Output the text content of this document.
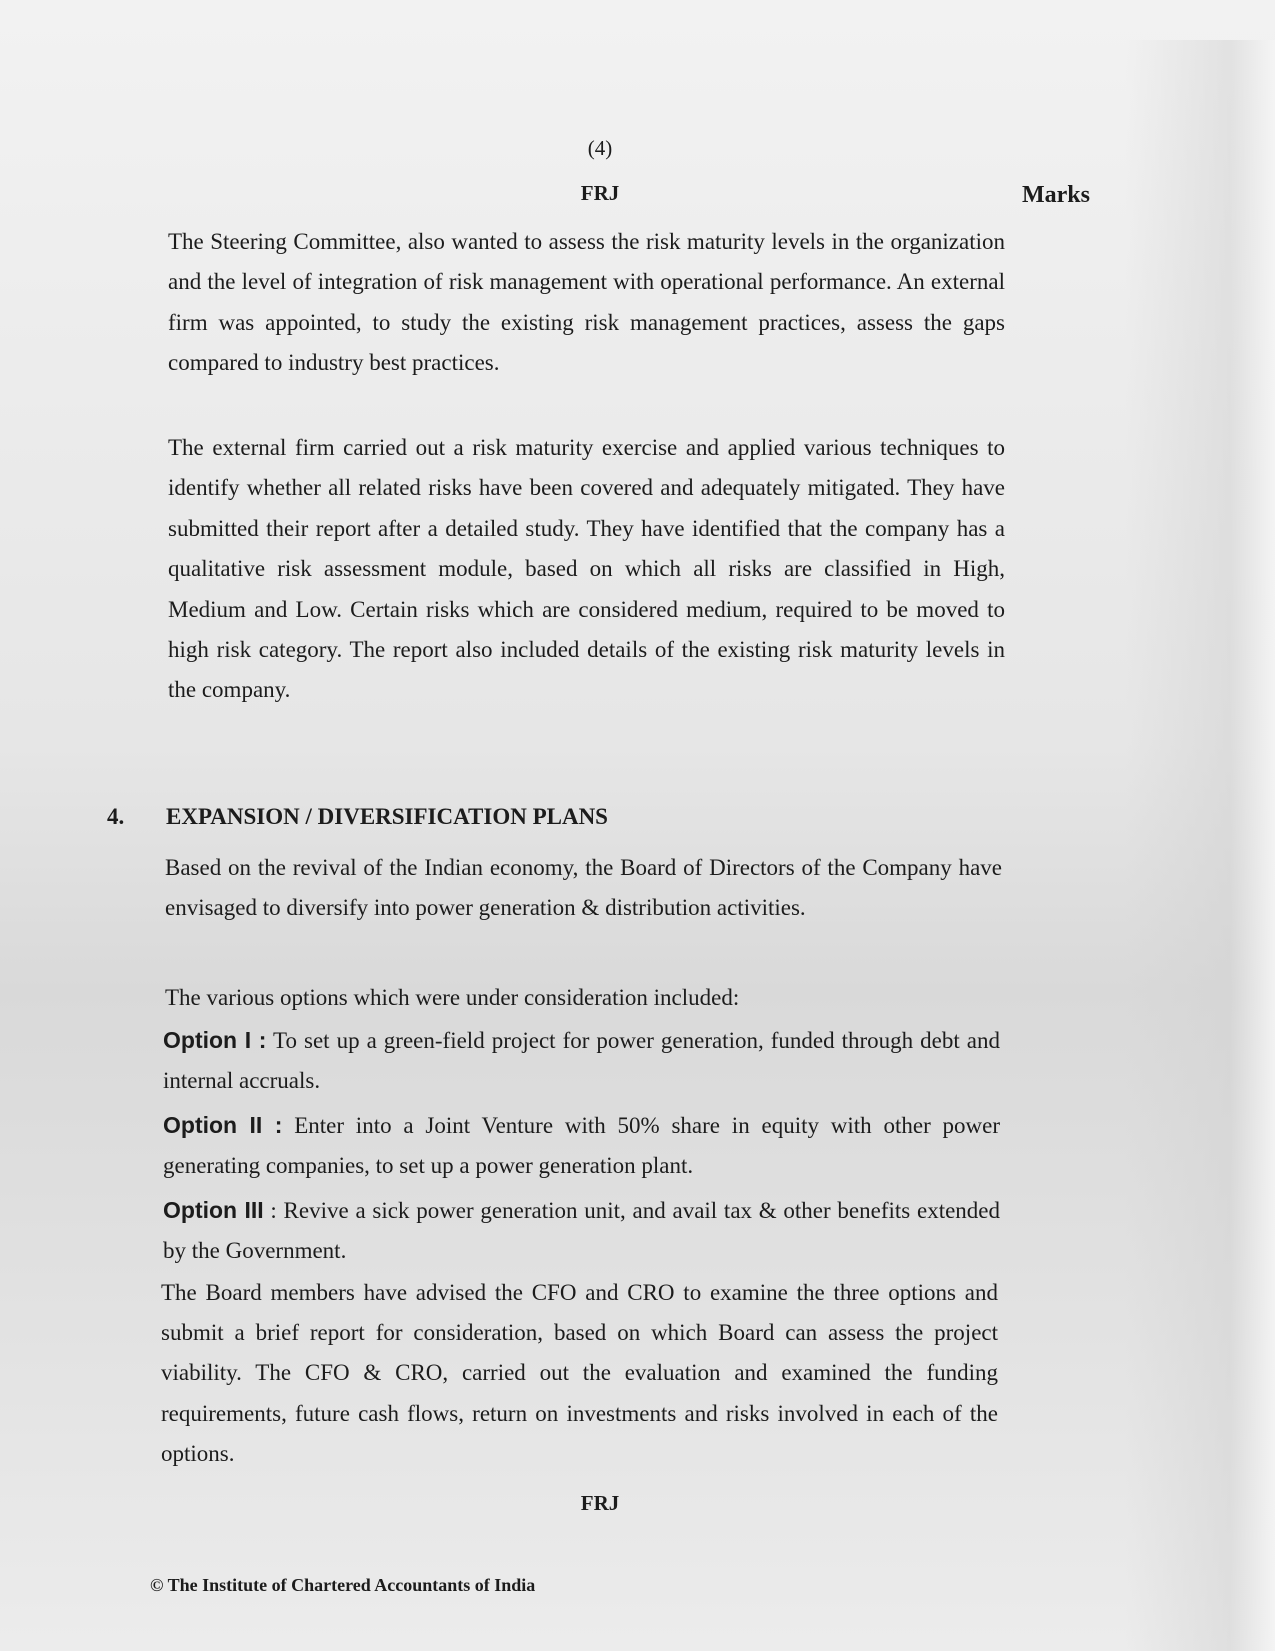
(4)
FRJ	Marks

The Steering Committee, also wanted to assess the risk maturity levels in the organization and the level of integration of risk management with operational performance. An external firm was appointed, to study the existing risk management practices, assess the gaps compared to industry best practices.

The external firm carried out a risk maturity exercise and applied various techniques to identify whether all related risks have been covered and adequately mitigated. They have submitted their report after a detailed study. They have identified that the company has a qualitative risk assessment module, based on which all risks are classified in High, Medium and Low. Certain risks which are considered medium, required to be moved to high risk category. The report also included details of the existing risk maturity levels in the company.

4. EXPANSION / DIVERSIFICATION PLANS

Based on the revival of the Indian economy, the Board of Directors of the Company have envisaged to diversify into power generation & distribution activities.

The various options which were under consideration included:

Option I : To set up a green-field project for power generation, funded through debt and internal accruals.

Option II : Enter into a Joint Venture with 50% share in equity with other power generating companies, to set up a power generation plant.

Option III : Revive a sick power generation unit, and avail tax & other benefits extended by the Government.

The Board members have advised the CFO and CRO to examine the three options and submit a brief report for consideration, based on which Board can assess the project viability. The CFO & CRO, carried out the evaluation and examined the funding requirements, future cash flows, return on investments and risks involved in each of the options.

FRJ
© The Institute of Chartered Accountants of India
